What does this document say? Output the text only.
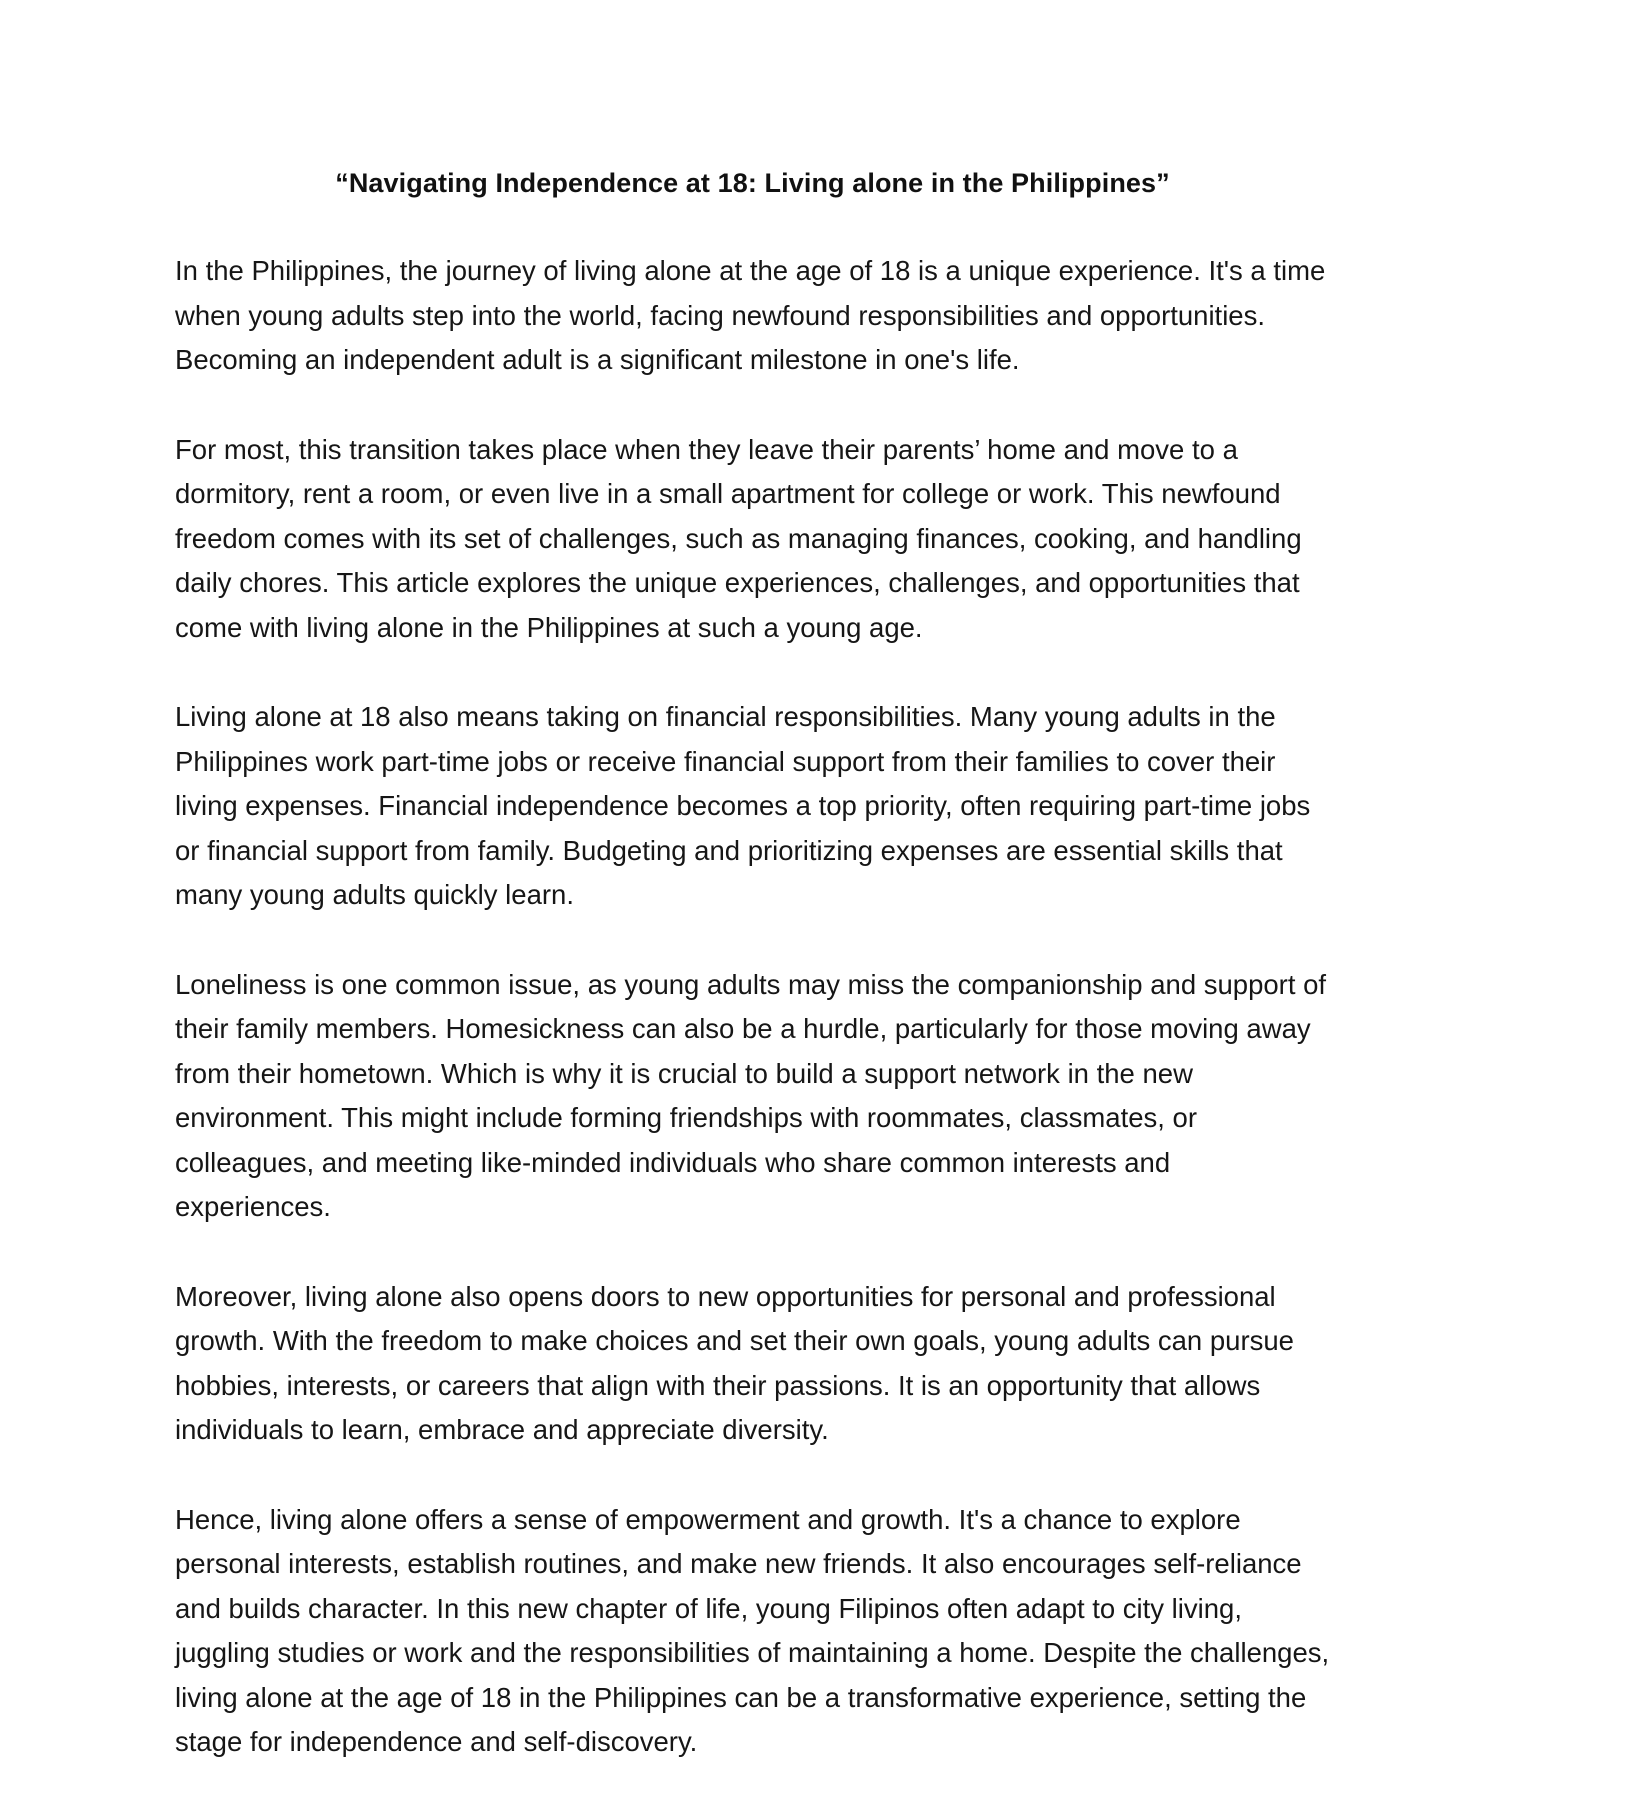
“Navigating Independence at 18: Living alone in the Philippines”

In the Philippines, the journey of living alone at the age of 18 is a unique experience. It's a time when young adults step into the world, facing newfound responsibilities and opportunities. Becoming an independent adult is a significant milestone in one's life.

For most, this transition takes place when they leave their parents’ home and move to a dormitory, rent a room, or even live in a small apartment for college or work. This newfound freedom comes with its set of challenges, such as managing finances, cooking, and handling daily chores. This article explores the unique experiences, challenges, and opportunities that come with living alone in the Philippines at such a young age.

Living alone at 18 also means taking on financial responsibilities. Many young adults in the Philippines work part-time jobs or receive financial support from their families to cover their living expenses. Financial independence becomes a top priority, often requiring part-time jobs or financial support from family. Budgeting and prioritizing expenses are essential skills that many young adults quickly learn.

Loneliness is one common issue, as young adults may miss the companionship and support of their family members. Homesickness can also be a hurdle, particularly for those moving away from their hometown. Which is why it is crucial to build a support network in the new environment. This might include forming friendships with roommates, classmates, or colleagues, and meeting like-minded individuals who share common interests and experiences.

Moreover, living alone also opens doors to new opportunities for personal and professional growth. With the freedom to make choices and set their own goals, young adults can pursue hobbies, interests, or careers that align with their passions. It is an opportunity that allows individuals to learn, embrace and appreciate diversity.

Hence, living alone offers a sense of empowerment and growth. It's a chance to explore personal interests, establish routines, and make new friends. It also encourages self-reliance and builds character. In this new chapter of life, young Filipinos often adapt to city living, juggling studies or work and the responsibilities of maintaining a home. Despite the challenges, living alone at the age of 18 in the Philippines can be a transformative experience, setting the stage for independence and self-discovery.
